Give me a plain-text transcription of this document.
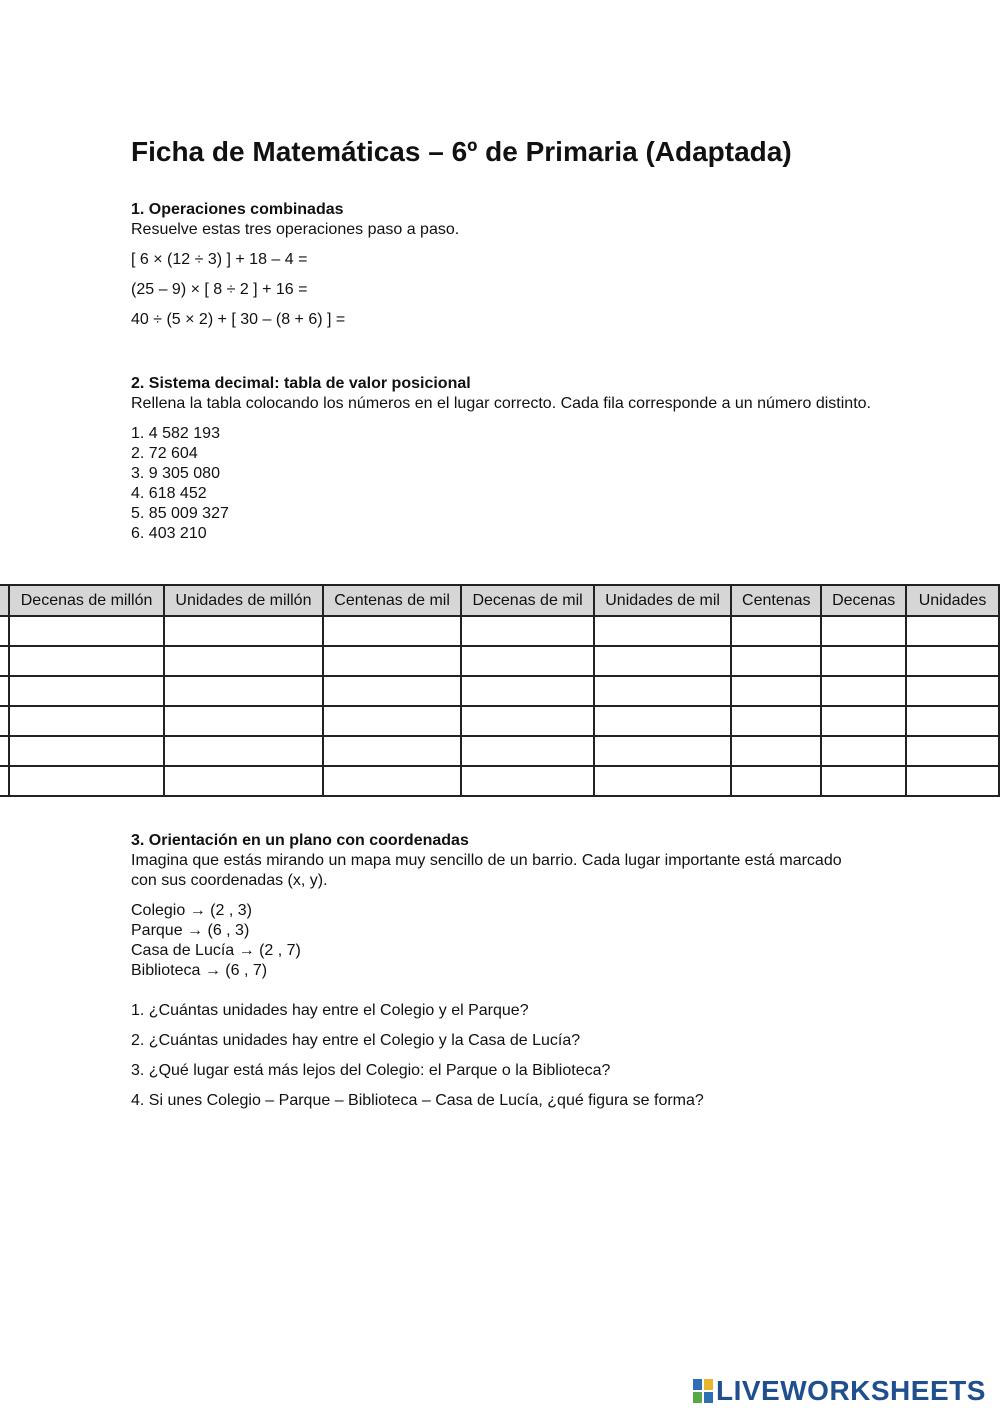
Ficha de Matemáticas – 6º de Primaria (Adaptada)

1. Operaciones combinadas

Resuelve estas tres operaciones paso a paso.

[ 6 × (12 ÷ 3) ] + 18 – 4 =

(25 – 9) × [ 8 ÷ 2 ] + 16 =

40 ÷ (5 × 2) + [ 30 – (8 + 6) ] =

2. Sistema decimal: tabla de valor posicional

Rellena la tabla colocando los números en el lugar correcto. Cada fila corresponde a un número distinto.

1. 4 582 193

2. 72 604

3. 9 305 080

4. 618 452

5. 85 009 327

6. 403 210

	Decenas de millón	Unidades de millón	Centenas de mil	Decenas de mil	Unidades de mil	Centenas	Decenas	Unidades

3. Orientación en un plano con coordenadas

Imagina que estás mirando un mapa muy sencillo de un barrio. Cada lugar importante está marcado con sus coordenadas (x, y).

Colegio → (2 , 3)

Parque → (6 , 3)

Casa de Lucía → (2 , 7)

Biblioteca → (6 , 7)

1. ¿Cuántas unidades hay entre el Colegio y el Parque?

2. ¿Cuántas unidades hay entre el Colegio y la Casa de Lucía?

3. ¿Qué lugar está más lejos del Colegio: el Parque o la Biblioteca?

4. Si unes Colegio – Parque – Biblioteca – Casa de Lucía, ¿qué figura se forma?

LIVEWORKSHEETS
